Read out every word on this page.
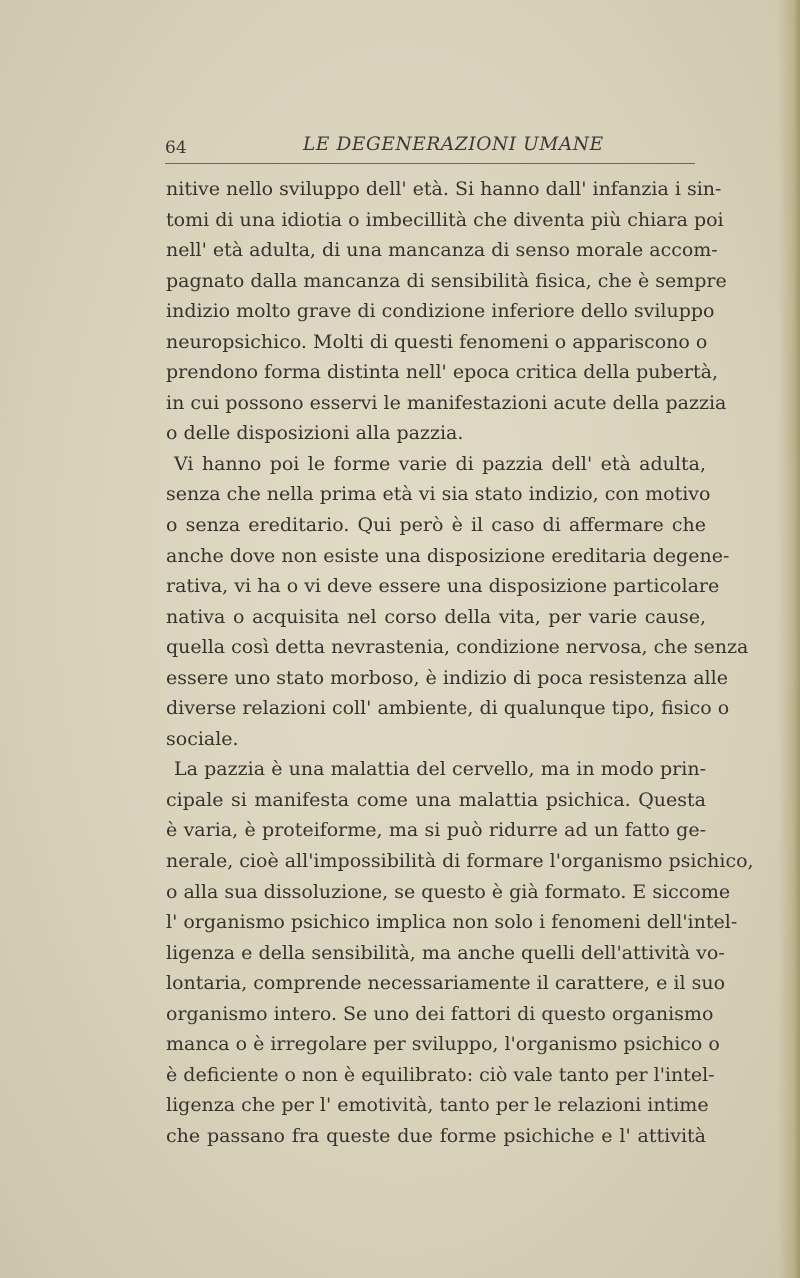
64	LE DEGENERAZIONI UMANE
nitive nello sviluppo dell' età. Si hanno dall' infanzia i sin-
tomi di una idiotia o imbecillità che diventa più chiara poi
nell' età adulta, di una mancanza di senso morale accom-
pagnato dalla mancanza di sensibilità fisica, che è sempre
indizio molto grave di condizione inferiore dello sviluppo
neuropsichico. Molti di questi fenomeni o appariscono o
prendono forma distinta nell' epoca critica della pubertà,
in cui possono esservi le manifestazioni acute della pazzia
o delle disposizioni alla pazzia.
Vi hanno poi le forme varie di pazzia dell' età adulta,
senza che nella prima età vi sia stato indizio, con motivo
o senza ereditario. Qui però è il caso di affermare che
anche dove non esiste una disposizione ereditaria degene-
rativa, vi ha o vi deve essere una disposizione particolare
nativa o acquisita nel corso della vita, per varie cause,
quella così detta nevrastenia, condizione nervosa, che senza
essere uno stato morboso, è indizio di poca resistenza alle
diverse relazioni coll' ambiente, di qualunque tipo, fisico o
sociale.
La pazzia è una malattia del cervello, ma in modo prin-
cipale si manifesta come una malattia psichica. Questa
è varia, è proteiforme, ma si può ridurre ad un fatto ge-
nerale, cioè all'impossibilità di formare l'organismo psichico,
o alla sua dissoluzione, se questo è già formato. E siccome
l' organismo psichico implica non solo i fenomeni dell'intel-
ligenza e della sensibilità, ma anche quelli dell'attività vo-
lontaria, comprende necessariamente il carattere, e il suo
organismo intero. Se uno dei fattori di questo organismo
manca o è irregolare per sviluppo, l'organismo psichico o
è deficiente o non è equilibrato: ciò vale tanto per l'intel-
ligenza che per l' emotività, tanto per le relazioni intime
che passano fra queste due forme psichiche e l' attività
